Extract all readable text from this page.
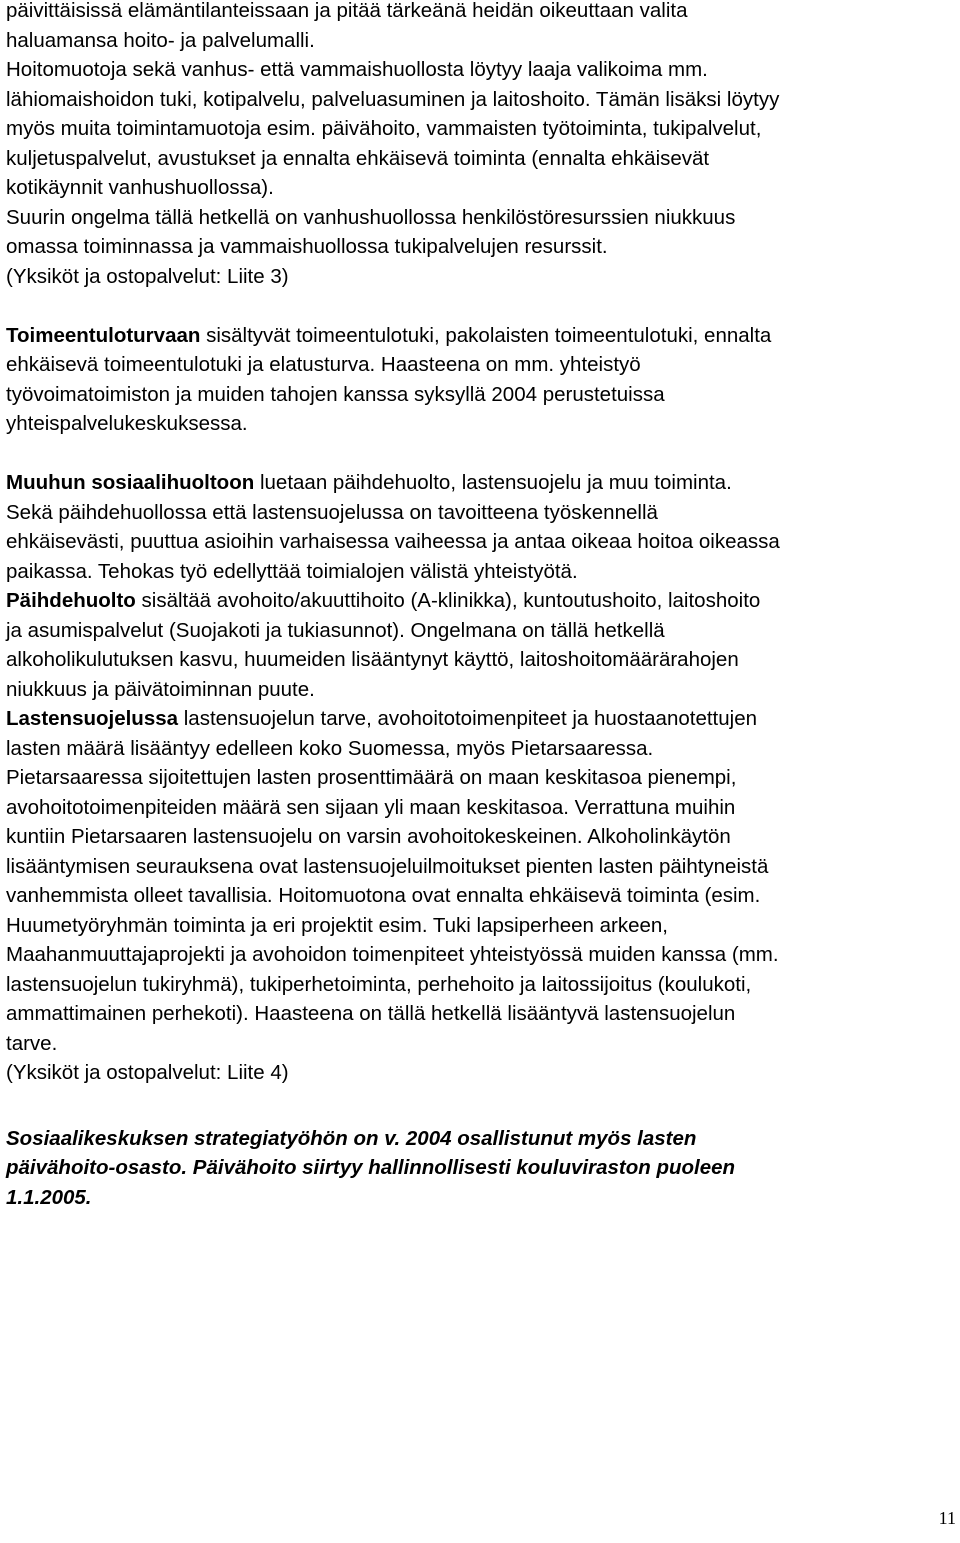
päivittäisissä elämäntilanteissaan ja pitää tärkeänä heidän oikeuttaan valita
haluamansa hoito- ja palvelumalli.
Hoitomuotoja sekä vanhus- että vammaishuollosta löytyy laaja valikoima mm.
lähiomaishoidon tuki, kotipalvelu, palveluasuminen ja laitoshoito. Tämän lisäksi löytyy
myös muita toimintamuotoja esim. päivähoito, vammaisten työtoiminta, tukipalvelut,
kuljetuspalvelut, avustukset ja ennalta ehkäisevä toiminta (ennalta ehkäisevät
kotikäynnit vanhushuollossa).
Suurin ongelma tällä hetkellä on vanhushuollossa henkilöstöresurssien niukkuus
omassa toiminnassa ja vammaishuollossa tukipalvelujen resurssit.
(Yksiköt ja ostopalvelut: Liite 3)
Toimeentuloturvaan sisältyvät toimeentulotuki, pakolaisten toimeentulotuki, ennalta
ehkäisevä toimeentulotuki ja elatusturva. Haasteena on mm. yhteistyö
työvoimatoimiston ja muiden tahojen kanssa syksyllä 2004 perustetuissa
yhteispalvelukeskuksessa.
Muuhun sosiaalihuoltoon luetaan päihdehuolto, lastensuojelu ja muu toiminta.
Sekä päihdehuollossa että lastensuojelussa on tavoitteena työskennellä
ehkäisevästi, puuttua asioihin varhaisessa vaiheessa ja antaa oikeaa hoitoa oikeassa
paikassa. Tehokas työ edellyttää toimialojen välistä yhteistyötä.
Päihdehuolto sisältää avohoito/akuuttihoito (A-klinikka), kuntoutushoito, laitoshoito
ja asumispalvelut (Suojakoti ja tukiasunnot). Ongelmana on tällä hetkellä
alkoholikulutuksen kasvu, huumeiden lisääntynyt käyttö, laitoshoitomäärärahojen
niukkuus ja päivätoiminnan puute.
Lastensuojelussa lastensuojelun tarve, avohoitotoimenpiteet ja huostaanotettujen
lasten määrä lisääntyy edelleen koko Suomessa, myös Pietarsaaressa.
Pietarsaaressa sijoitettujen lasten prosenttimäärä on maan keskitasoa pienempi,
avohoitotoimenpiteiden määrä sen sijaan yli maan keskitasoa. Verrattuna muihin
kuntiin Pietarsaaren lastensuojelu on varsin avohoitokeskeinen. Alkoholinkäytön
lisääntymisen seurauksena ovat lastensuojeluilmoitukset pienten lasten päihtyneistä
vanhemmista olleet tavallisia. Hoitomuotona ovat ennalta ehkäisevä toiminta (esim.
Huumetyöryhmän toiminta ja eri projektit esim. Tuki lapsiperheen arkeen,
Maahanmuuttajaprojekti ja avohoidon toimenpiteet yhteistyössä muiden kanssa (mm.
lastensuojelun tukiryhmä), tukiperhetoiminta, perhehoito ja laitossijoitus (koulukoti,
ammattimainen perhekoti). Haasteena on tällä hetkellä lisääntyvä lastensuojelun
tarve.
(Yksiköt ja ostopalvelut: Liite 4)
Sosiaalikeskuksen strategiatyöhön on v. 2004 osallistunut myös lasten
päivähoito-osasto. Päivähoito siirtyy hallinnollisesti kouluviraston puoleen
1.1.2005.
11
